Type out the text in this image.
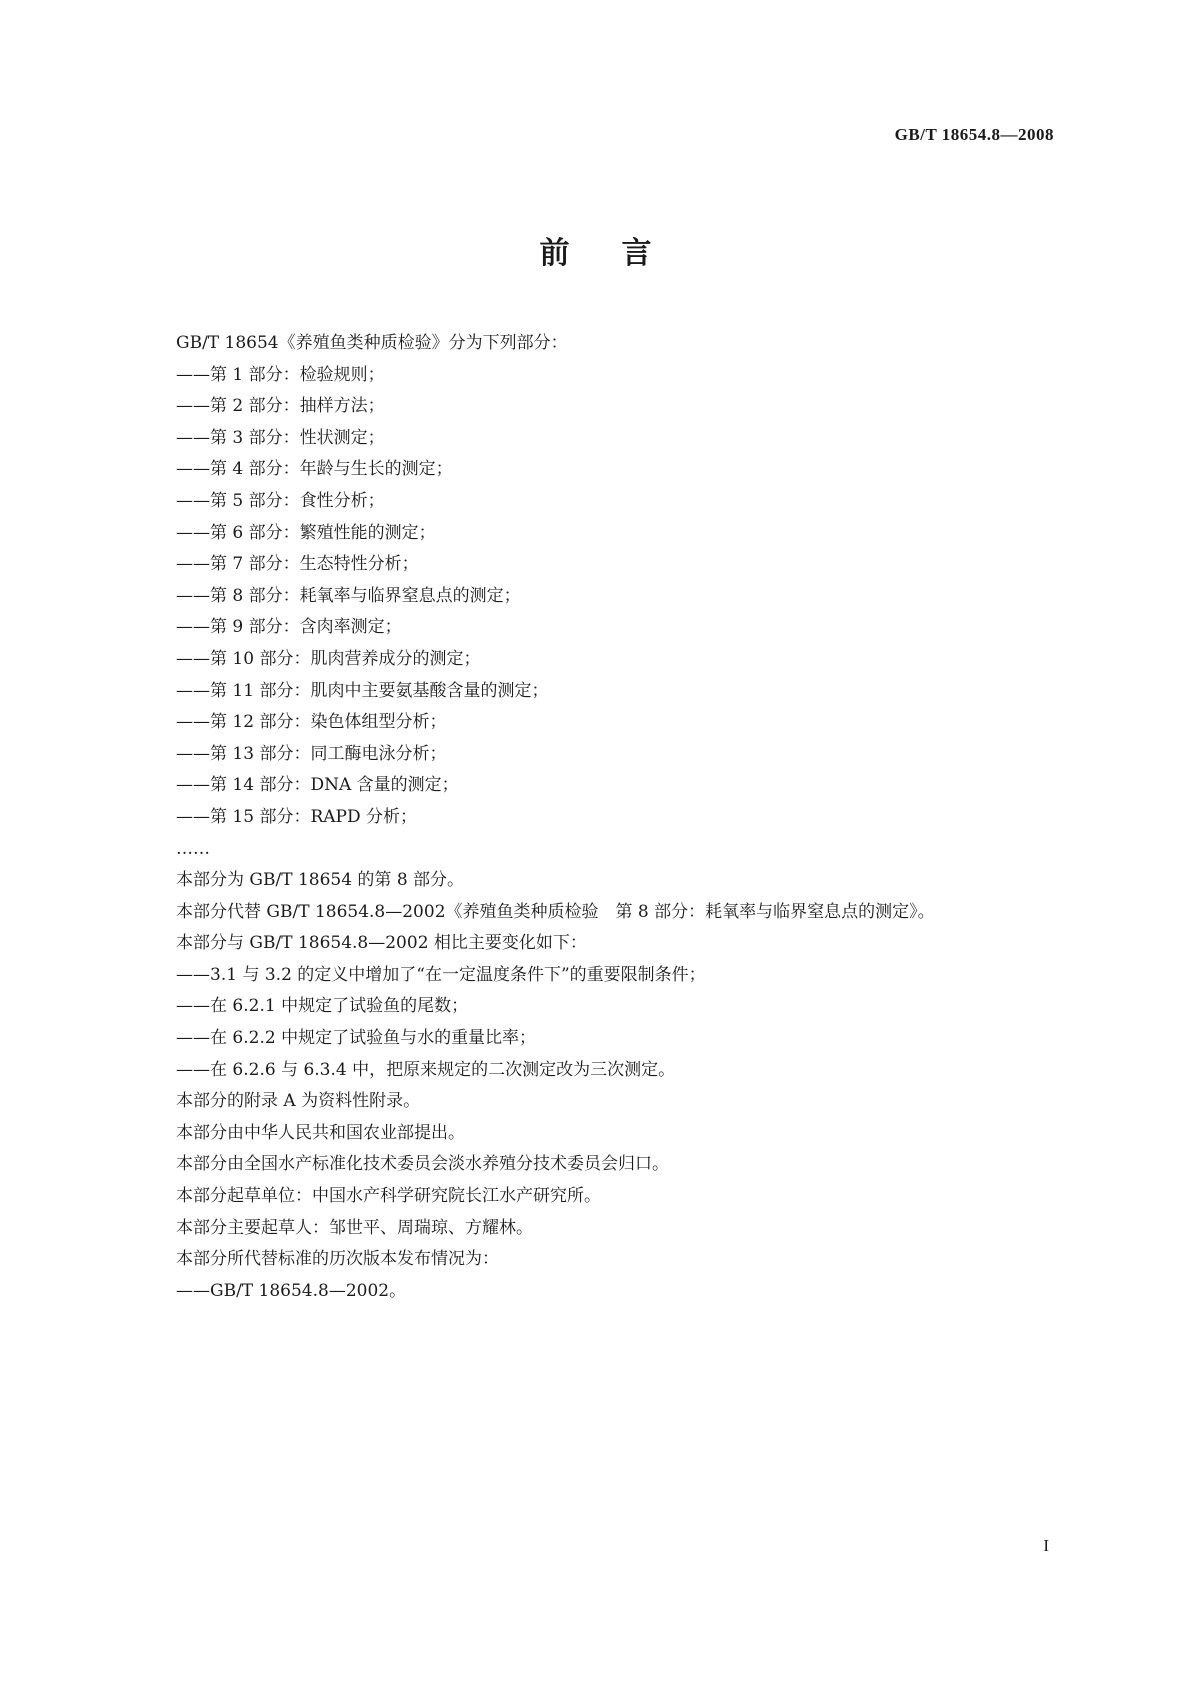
GB/T 18654.8—2008
前言
GB/T 18654《养殖鱼类种质检验》分为下列部分：
——第 1 部分：检验规则；
——第 2 部分：抽样方法；
——第 3 部分：性状测定；
——第 4 部分：年龄与生长的测定；
——第 5 部分：食性分析；
——第 6 部分：繁殖性能的测定；
——第 7 部分：生态特性分析；
——第 8 部分：耗氧率与临界窒息点的测定；
——第 9 部分：含肉率测定；
——第 10 部分：肌肉营养成分的测定；
——第 11 部分：肌肉中主要氨基酸含量的测定；
——第 12 部分：染色体组型分析；
——第 13 部分：同工酶电泳分析；
——第 14 部分：DNA 含量的测定；
——第 15 部分：RAPD 分析；
……
本部分为 GB/T 18654 的第 8 部分。
本部分代替 GB/T 18654.8—2002《养殖鱼类种质检验　第 8 部分：耗氧率与临界窒息点的测定》。
本部分与 GB/T 18654.8—2002 相比主要变化如下：
——3.1 与 3.2 的定义中增加了“在一定温度条件下”的重要限制条件；
——在 6.2.1 中规定了试验鱼的尾数；
——在 6.2.2 中规定了试验鱼与水的重量比率；
——在 6.2.6 与 6.3.4 中，把原来规定的二次测定改为三次测定。
本部分的附录 A 为资料性附录。
本部分由中华人民共和国农业部提出。
本部分由全国水产标准化技术委员会淡水养殖分技术委员会归口。
本部分起草单位：中国水产科学研究院长江水产研究所。
本部分主要起草人：邹世平、周瑞琼、方耀林。
本部分所代替标准的历次版本发布情况为：
——GB/T 18654.8—2002。
I
